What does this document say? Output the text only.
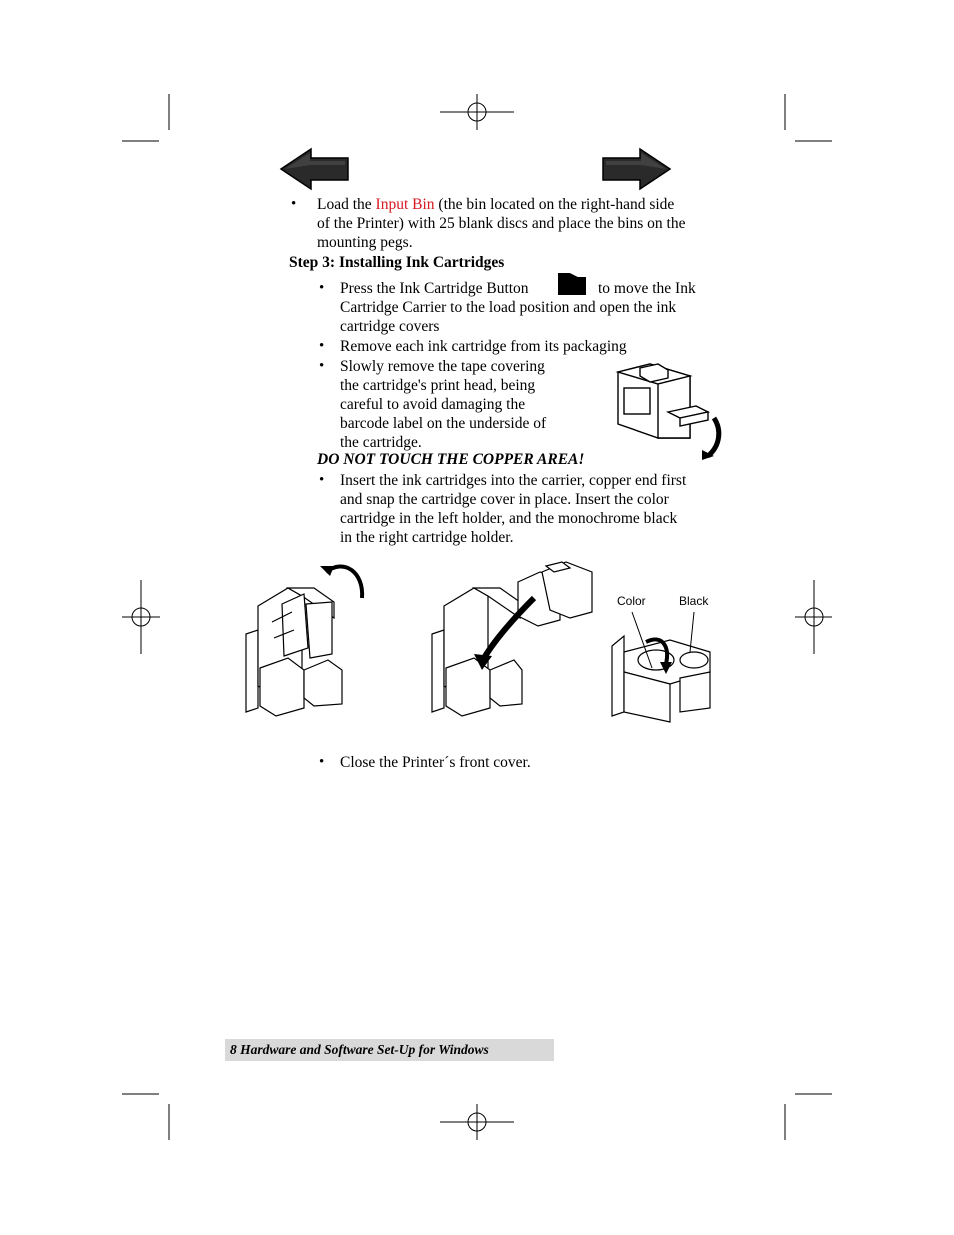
• Load the Input Bin (the bin located on the right-hand side
of the Printer) with 25 blank discs and place the bins on the
mounting pegs.
Step 3: Installing Ink Cartridges
• Press the Ink Cartridge Button	to move the Ink
Cartridge Carrier to the load position and open the ink
cartridge covers
• Remove each ink cartridge from its packaging
• Slowly remove the tape covering
the cartridge's print head, being
careful to avoid damaging the
barcode label on the underside of
the cartridge.
DO NOT TOUCH THE COPPER AREA!
• Insert the ink cartridges into the carrier, copper end first
and snap the cartridge cover in place. Insert the color
cartridge in the left holder, and the monochrome black
in the right cartridge holder.
Color	Black
• Close the Printer´s front cover.
8 Hardware and Software Set-Up for Windows
